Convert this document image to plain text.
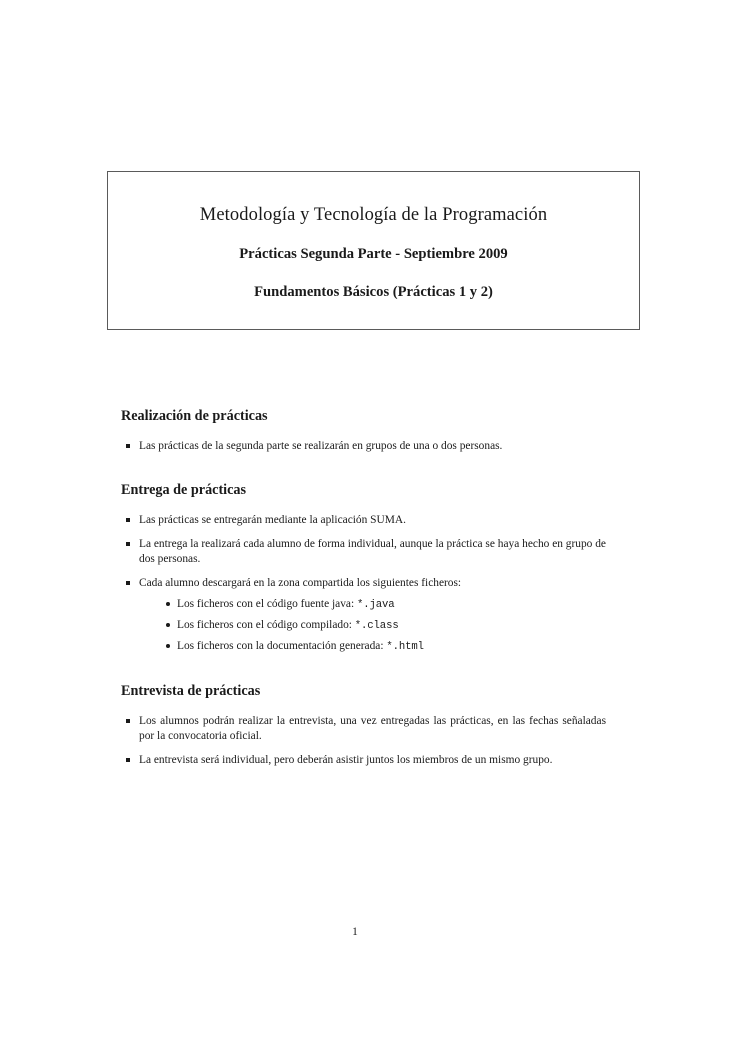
Metodología y Tecnología de la Programación
Prácticas Segunda Parte - Septiembre 2009
Fundamentos Básicos (Prácticas 1 y 2)
Realización de prácticas
Las prácticas de la segunda parte se realizarán en grupos de una o dos personas.
Entrega de prácticas
Las prácticas se entregarán mediante la aplicación SUMA.
La entrega la realizará cada alumno de forma individual, aunque la práctica se haya hecho en grupo de dos personas.
Cada alumno descargará en la zona compartida los siguientes ficheros:
Los ficheros con el código fuente java: *.java
Los ficheros con el código compilado: *.class
Los ficheros con la documentación generada: *.html
Entrevista de prácticas
Los alumnos podrán realizar la entrevista, una vez entregadas las prácticas, en las fechas señaladas por la convocatoria oficial.
La entrevista será individual, pero deberán asistir juntos los miembros de un mismo grupo.
1
